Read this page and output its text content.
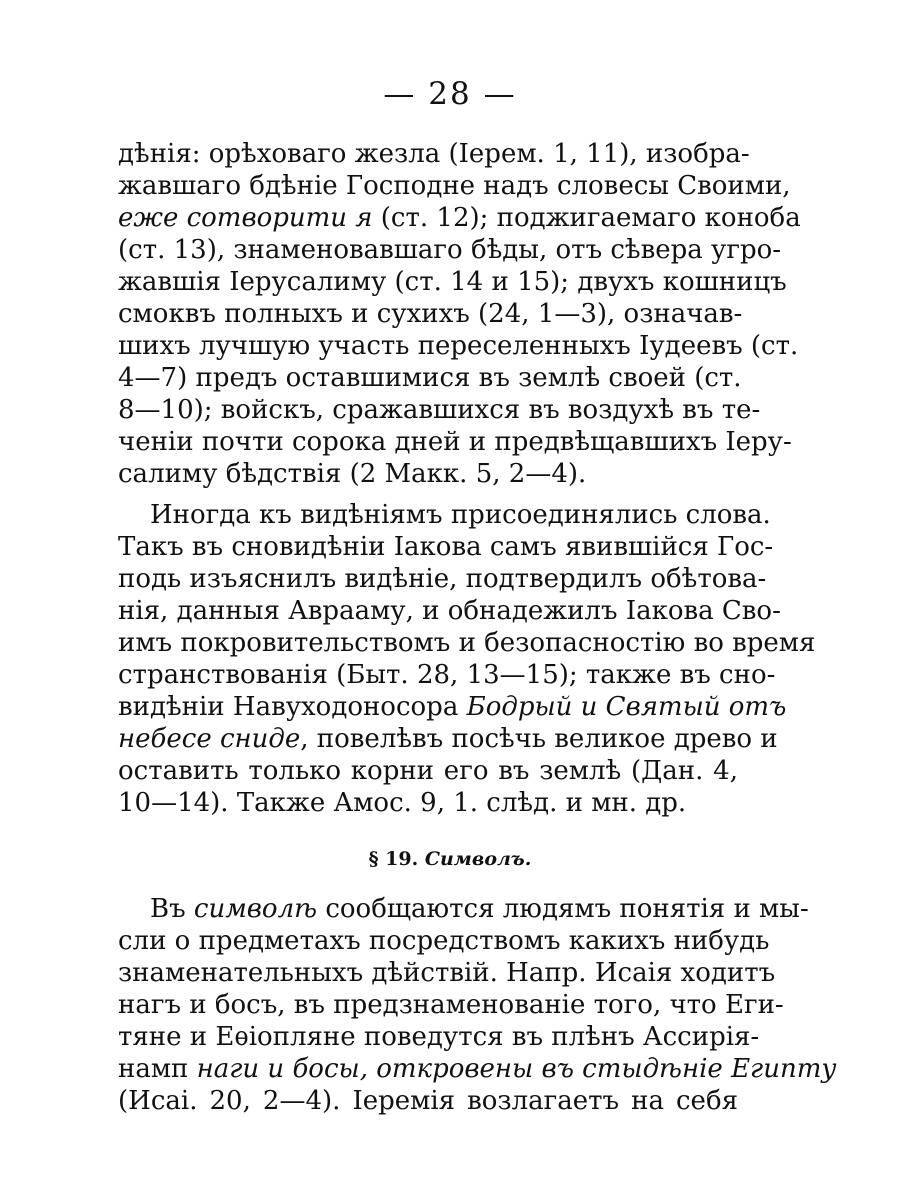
— 28 —
дѣнія: орѣховаго жезла (Iерем. 1, 11), изобра-
жавшаго бдѣніе Господне надъ словесы Своими,
еже сотворити я (ст. 12); поджигаемаго коноба
(ст. 13), знаменовавшаго бѣды, отъ сѣвера угро-
жавшія Iерусалиму (ст. 14 и 15); двухъ кошницъ
смоквъ полныхъ и сухихъ (24, 1—3), означав-
шихъ лучшую участь переселенныхъ Iудеевъ (ст.
4—7) предъ оставшимися въ землѣ своей (ст.
8—10); войскъ, сражавшихся въ воздухѣ въ те-
ченіи почти сорока дней и предвѣщавшихъ Iеру-
салиму бѣдствія (2 Макк. 5, 2—4).
Иногда къ видѣніямъ присоединялись слова.
Такъ въ сновидѣніи Iакова самъ явившійся Гос-
подь изъяснилъ видѣніе, подтвердилъ обѣтова-
нія, данныя Аврааму, и обнадежилъ Iакова Сво-
имъ покровительствомъ и безопасностію во время
странствованія (Быт. 28, 13—15); также въ сно-
видѣніи Навуходоносора Бодрый и Святый отъ
небесе сниде, повелѣвъ посѣчь великое древо и
оставить только корни его въ землѣ (Дан. 4,
10—14). Также Амос. 9, 1. слѣд. и мн. др.
§ 19. Символъ.
Въ символѣ сообщаются людямъ понятія и мы-
сли о предметахъ посредствомъ какихъ нибудь
знаменательныхъ дѣйствій. Напр. Исаія ходитъ
нагъ и босъ, въ предзнаменованіе того, что Еги-
тяне и Еѳіопляне поведутся въ плѣнъ Ассирія-
намп наги и босы, откровены въ стыдѣніе Египту
(Исаі. 20, 2—4). Iеремія возлагаетъ на себя
